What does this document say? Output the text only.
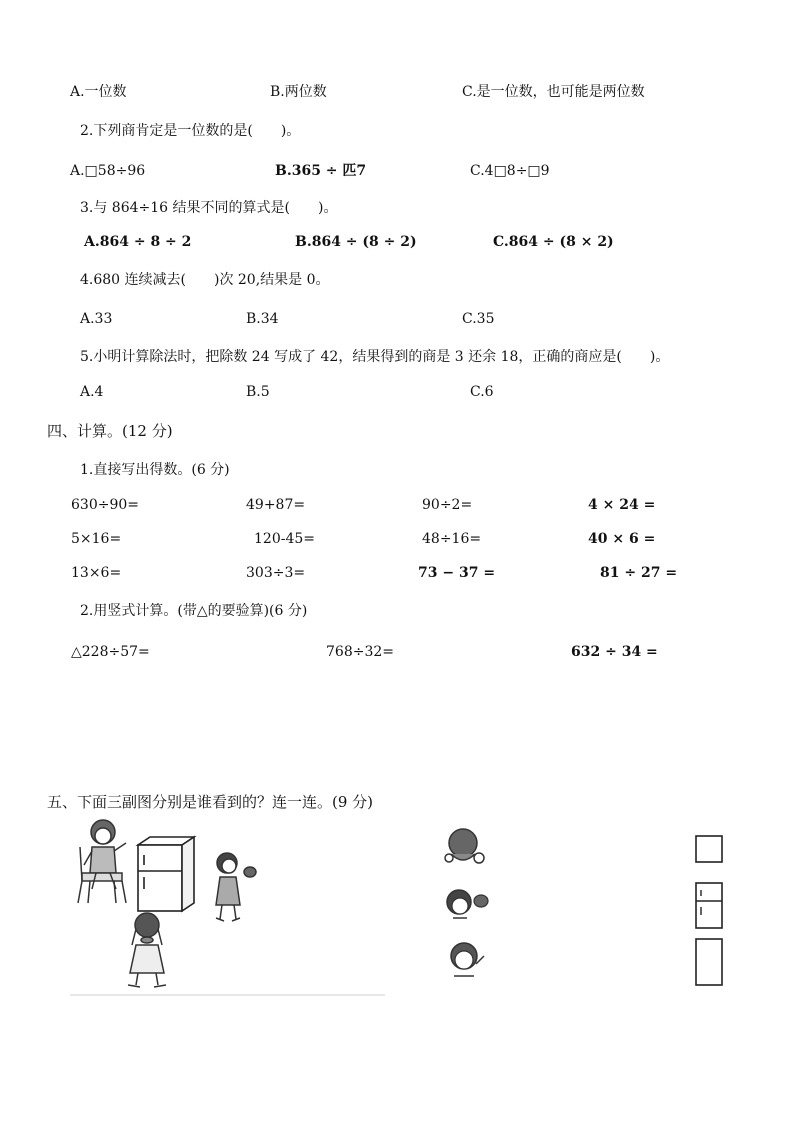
A.一位数	B.两位数	C.是一位数，也可能是两位数
2.下列商肯定是一位数的是(　　)。
A.□58÷96	B.365 ÷ 匹7	C.4□8÷□9
3.与 864÷16 结果不同的算式是(　　)。
A.864 ÷ 8 ÷ 2	B.864 ÷ (8 ÷ 2)	C.864 ÷ (8 × 2)
4.680 连续减去(　　)次 20,结果是 0。
A.33	B.34	C.35
5.小明计算除法时，把除数 24 写成了 42，结果得到的商是 3 还余 18，正确的商应是(　　)。
A.4	B.5	C.6
四、计算。(12 分)
1.直接写出得数。(6 分)
630÷90=	49+87=	90÷2=	4 × 24 =
5×16=	120-45=	48÷16=	40 × 6 =
13×6=	303÷3=	73 − 37 =	81 ÷ 27 =
2.用竖式计算。(带△的要验算)(6 分)
△228÷57=	768÷32=	632 ÷ 34 =
五、下面三副图分别是谁看到的？连一连。(9 分)
